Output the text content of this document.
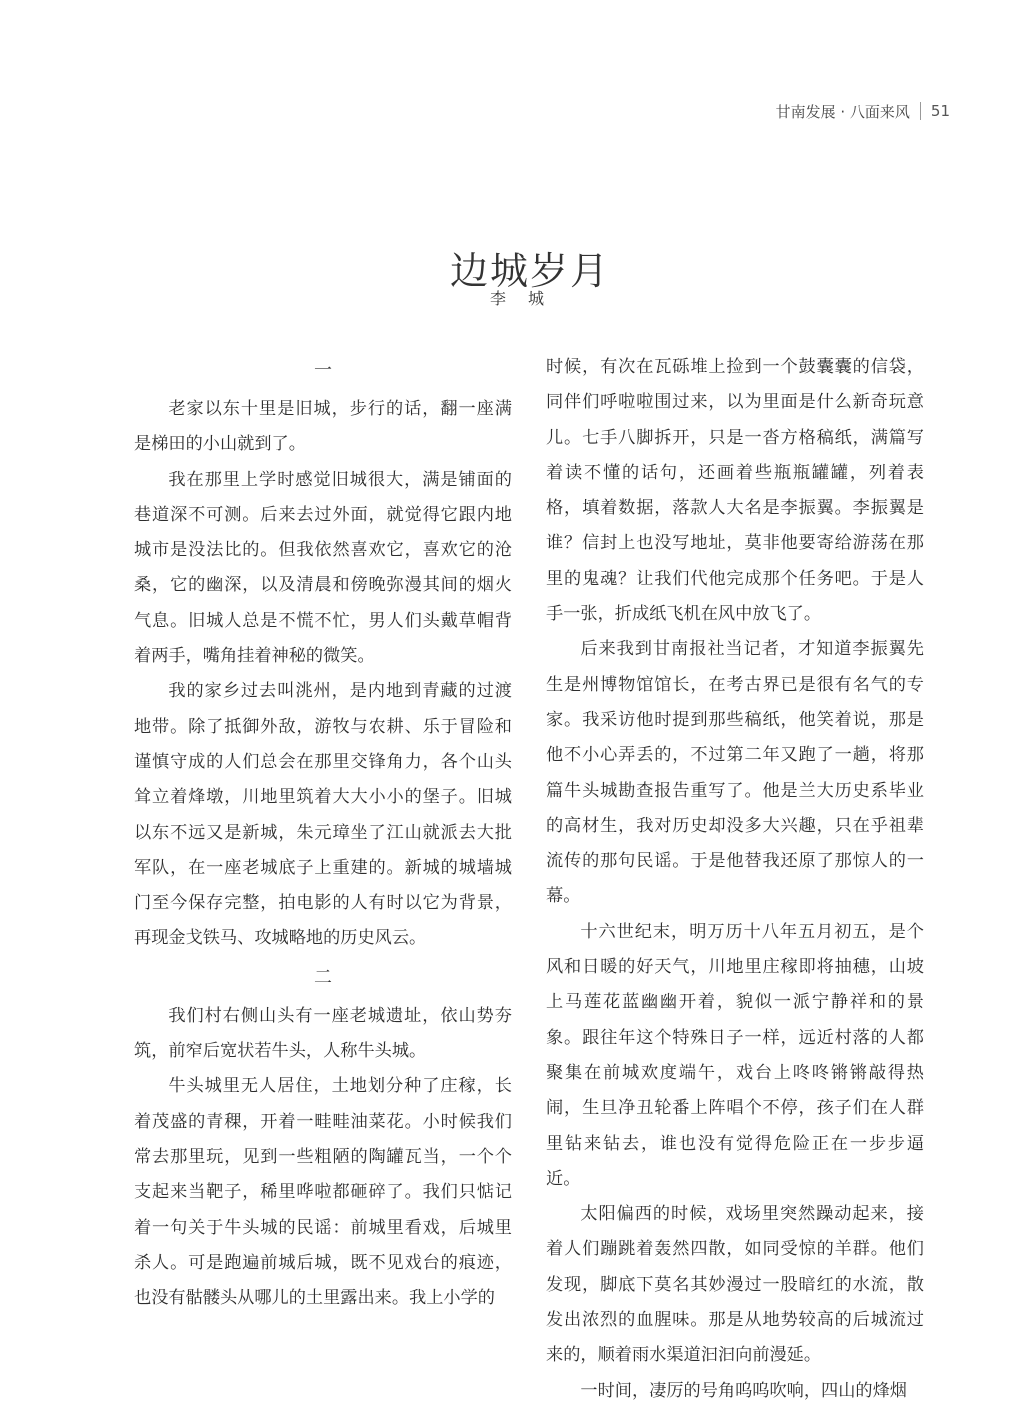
甘南发展 · 八面来风 51
边城岁月
李城
一

老家以东十里是旧城，步行的话，翻一座满是梯田的小山就到了。

我在那里上学时感觉旧城很大，满是铺面的巷道深不可测。后来去过外面，就觉得它跟内地城市是没法比的。但我依然喜欢它，喜欢它的沧桑，它的幽深，以及清晨和傍晚弥漫其间的烟火气息。旧城人总是不慌不忙，男人们头戴草帽背着两手，嘴角挂着神秘的微笑。

我的家乡过去叫洮州，是内地到青藏的过渡地带。除了抵御外敌，游牧与农耕、乐于冒险和谨慎守成的人们总会在那里交锋角力，各个山头耸立着烽墩，川地里筑着大大小小的堡子。旧城以东不远又是新城，朱元璋坐了江山就派去大批军队，在一座老城底子上重建的。新城的城墙城门至今保存完整，拍电影的人有时以它为背景，再现金戈铁马、攻城略地的历史风云。

二

我们村右侧山头有一座老城遗址，依山势夯筑，前窄后宽状若牛头，人称牛头城。

牛头城里无人居住，土地划分种了庄稼，长着茂盛的青稞，开着一畦畦油菜花。小时候我们常去那里玩，见到一些粗陋的陶罐瓦当，一个个支起来当靶子，稀里哗啦都砸碎了。我们只惦记着一句关于牛头城的民谣：前城里看戏，后城里杀人。可是跑遍前城后城，既不见戏台的痕迹，也没有骷髅头从哪儿的土里露出来。我上小学的

时候，有次在瓦砾堆上捡到一个鼓囊囊的信袋，同伴们呼啦啦围过来，以为里面是什么新奇玩意儿。七手八脚拆开，只是一沓方格稿纸，满篇写着读不懂的话句，还画着些瓶瓶罐罐，列着表格，填着数据，落款人大名是李振翼。李振翼是谁？信封上也没写地址，莫非他要寄给游荡在那里的鬼魂？让我们代他完成那个任务吧。于是人手一张，折成纸飞机在风中放飞了。

后来我到甘南报社当记者，才知道李振翼先生是州博物馆馆长，在考古界已是很有名气的专家。我采访他时提到那些稿纸，他笑着说，那是他不小心弄丢的，不过第二年又跑了一趟，将那篇牛头城勘查报告重写了。他是兰大历史系毕业的高材生，我对历史却没多大兴趣，只在乎祖辈流传的那句民谣。于是他替我还原了那惊人的一幕。

十六世纪末，明万历十八年五月初五，是个风和日暖的好天气，川地里庄稼即将抽穗，山坡上马莲花蓝幽幽开着，貌似一派宁静祥和的景象。跟往年这个特殊日子一样，远近村落的人都聚集在前城欢度端午，戏台上咚咚锵锵敲得热闹，生旦净丑轮番上阵唱个不停，孩子们在人群里钻来钻去，谁也没有觉得危险正在一步步逼近。

太阳偏西的时候，戏场里突然躁动起来，接着人们蹦跳着轰然四散，如同受惊的羊群。他们发现，脚底下莫名其妙漫过一股暗红的水流，散发出浓烈的血腥味。那是从地势较高的后城流过来的，顺着雨水渠道汩汩向前漫延。

一时间，凄厉的号角呜呜吹响，四山的烽烟
